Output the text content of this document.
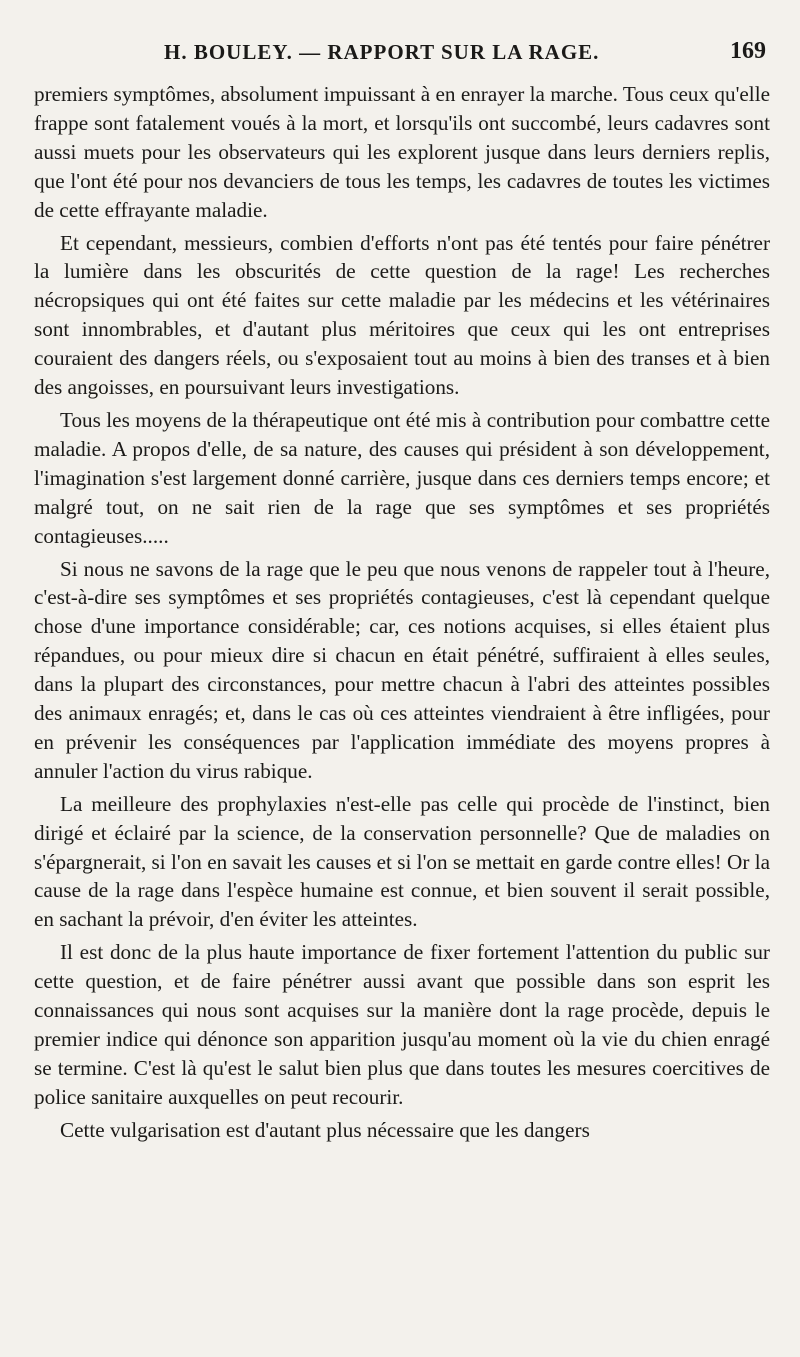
H. BOULEY. — RAPPORT SUR LA RAGE.	169

premiers symptômes, absolument impuissant à en enrayer la marche. Tous ceux qu'elle frappe sont fatalement voués à la mort, et lorsqu'ils ont succombé, leurs cadavres sont aussi muets pour les observateurs qui les explorent jusque dans leurs derniers replis, que l'ont été pour nos devanciers de tous les temps, les cadavres de toutes les victimes de cette effrayante maladie.

Et cependant, messieurs, combien d'efforts n'ont pas été tentés pour faire pénétrer la lumière dans les obscurités de cette question de la rage! Les recherches nécropsiques qui ont été faites sur cette maladie par les médecins et les vétérinaires sont innombrables, et d'autant plus méritoires que ceux qui les ont entreprises couraient des dangers réels, ou s'exposaient tout au moins à bien des transes et à bien des angoisses, en poursuivant leurs investigations.

Tous les moyens de la thérapeutique ont été mis à contribution pour combattre cette maladie. A propos d'elle, de sa nature, des causes qui président à son développement, l'imagination s'est largement donné carrière, jusque dans ces derniers temps encore; et malgré tout, on ne sait rien de la rage que ses symptômes et ses propriétés contagieuses.....

Si nous ne savons de la rage que le peu que nous venons de rappeler tout à l'heure, c'est-à-dire ses symptômes et ses propriétés contagieuses, c'est là cependant quelque chose d'une importance considérable; car, ces notions acquises, si elles étaient plus répandues, ou pour mieux dire si chacun en était pénétré, suffiraient à elles seules, dans la plupart des circonstances, pour mettre chacun à l'abri des atteintes possibles des animaux enragés; et, dans le cas où ces atteintes viendraient à être infligées, pour en prévenir les conséquences par l'application immédiate des moyens propres à annuler l'action du virus rabique.

La meilleure des prophylaxies n'est-elle pas celle qui procède de l'instinct, bien dirigé et éclairé par la science, de la conservation personnelle? Que de maladies on s'épargnerait, si l'on en savait les causes et si l'on se mettait en garde contre elles! Or la cause de la rage dans l'espèce humaine est connue, et bien souvent il serait possible, en sachant la prévoir, d'en éviter les atteintes.

Il est donc de la plus haute importance de fixer fortement l'attention du public sur cette question, et de faire pénétrer aussi avant que possible dans son esprit les connaissances qui nous sont acquises sur la manière dont la rage procède, depuis le premier indice qui dénonce son apparition jusqu'au moment où la vie du chien enragé se termine. C'est là qu'est le salut bien plus que dans toutes les mesures coercitives de police sanitaire auxquelles on peut recourir.

Cette vulgarisation est d'autant plus nécessaire que les dangers
